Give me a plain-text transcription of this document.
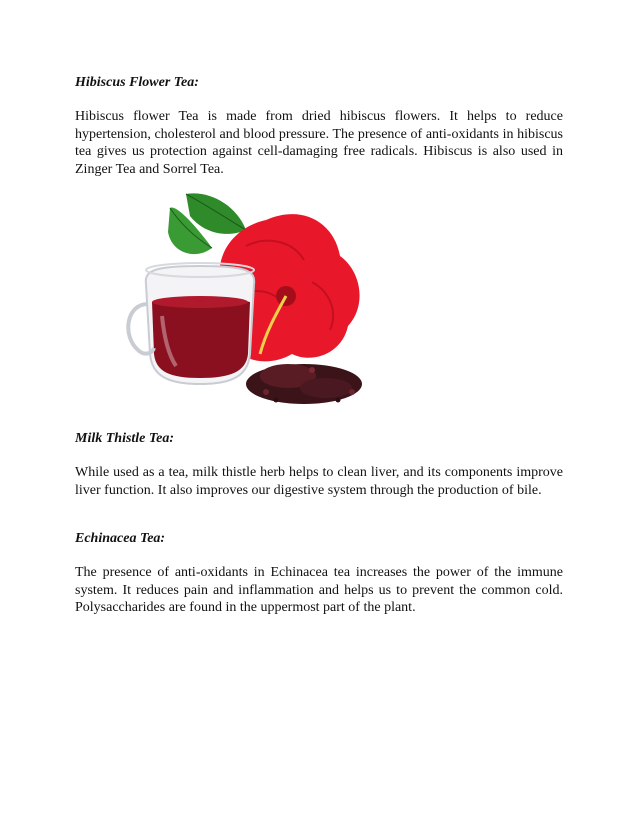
Hibiscus Flower Tea:

Hibiscus flower Tea is made from dried hibiscus flowers. It helps to reduce hypertension, cholesterol and blood pressure. The presence of anti-oxidants in hibiscus tea gives us protection against cell-damaging free radicals. Hibiscus is also used in Zinger Tea and Sorrel Tea.

Milk Thistle Tea:

While used as a tea, milk thistle herb helps to clean liver, and its components improve liver function. It also improves our digestive system through the production of bile.

Echinacea Tea:

The presence of anti-oxidants in Echinacea tea increases the power of the immune system. It reduces pain and inflammation and helps us to prevent the common cold. Polysaccharides are found in the uppermost part of the plant.
